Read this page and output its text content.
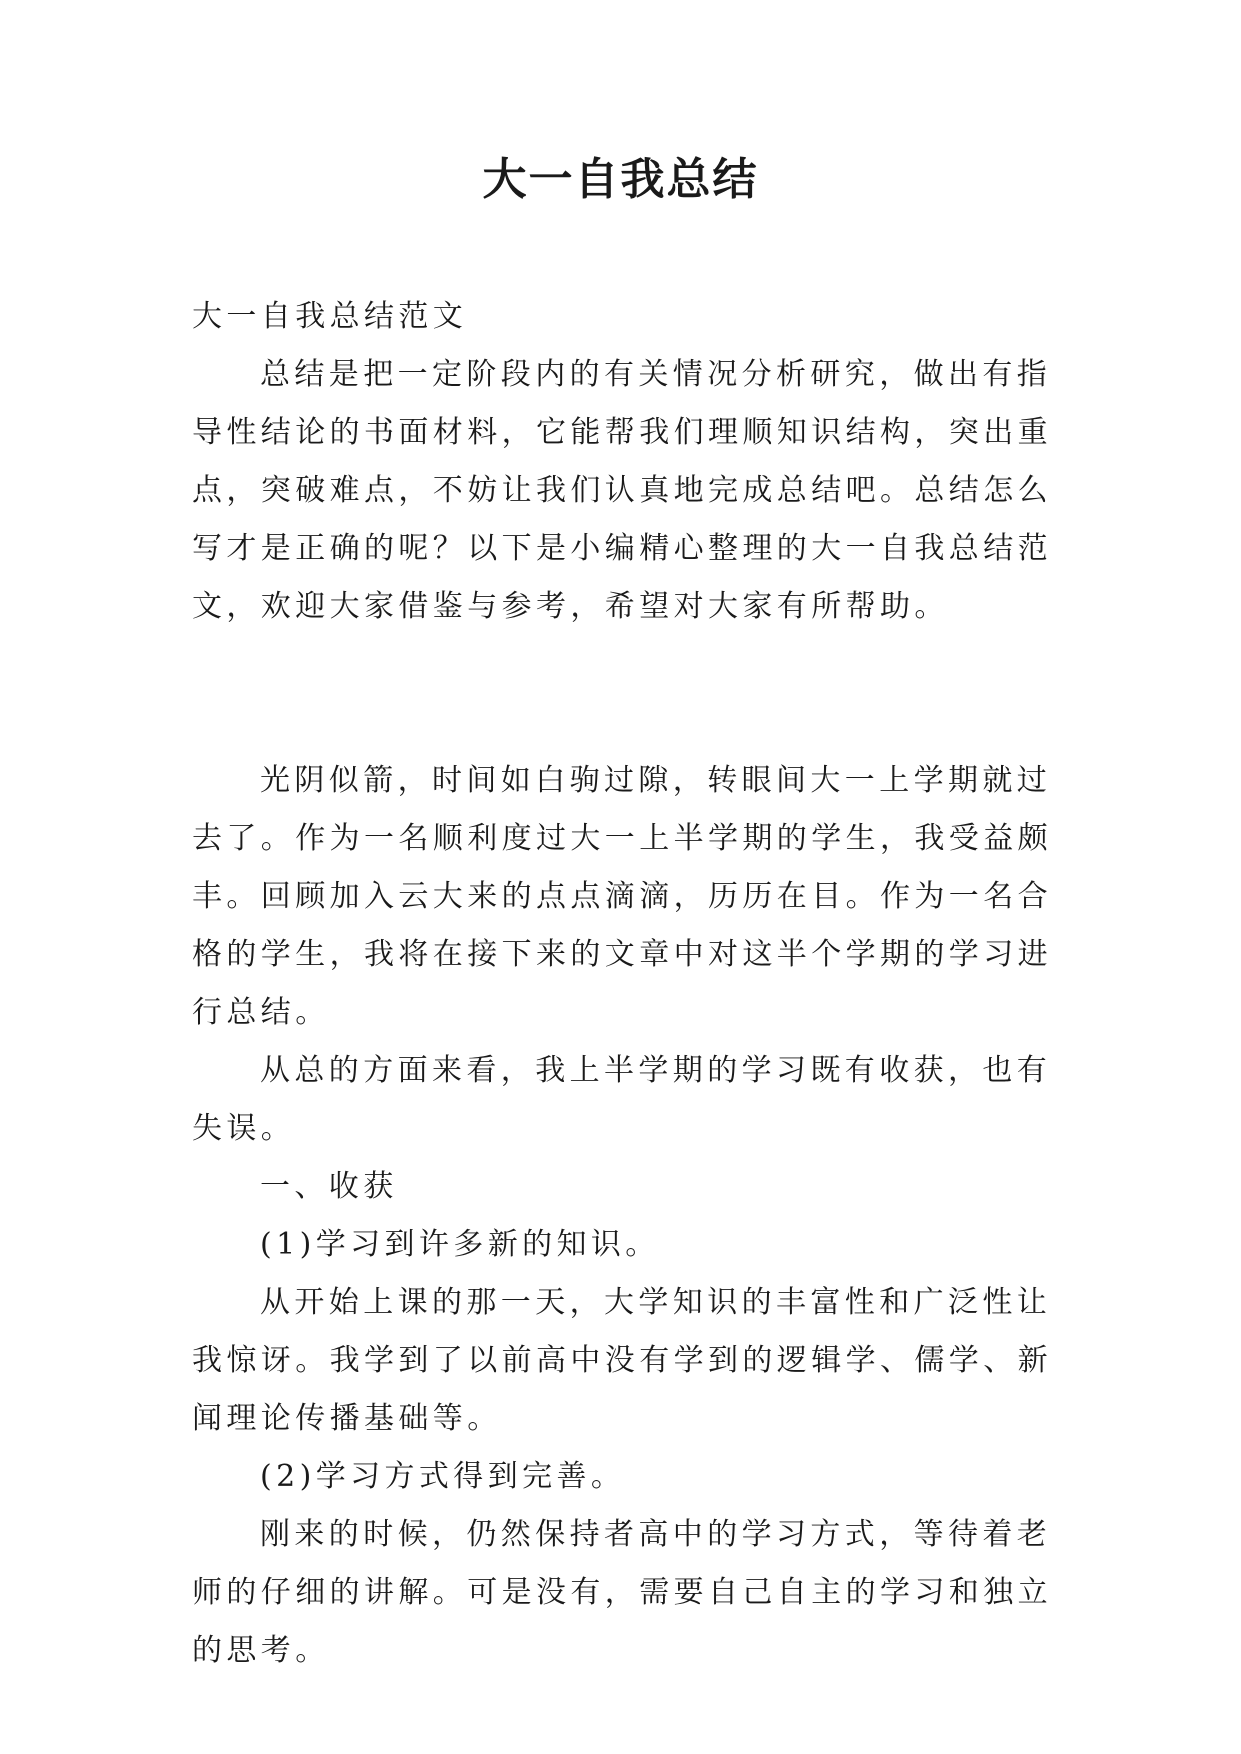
大一自我总结

大一自我总结范文

总结是把一定阶段内的有关情况分析研究，做出有指导性结论的书面材料，它能帮我们理顺知识结构，突出重点，突破难点，不妨让我们认真地完成总结吧。总结怎么写才是正确的呢？以下是小编精心整理的大一自我总结范文，欢迎大家借鉴与参考，希望对大家有所帮助。

光阴似箭，时间如白驹过隙，转眼间大一上学期就过去了。作为一名顺利度过大一上半学期的学生，我受益颇丰。回顾加入云大来的点点滴滴，历历在目。作为一名合格的学生，我将在接下来的文章中对这半个学期的学习进行总结。

从总的方面来看，我上半学期的学习既有收获，也有失误。

一、收获

(1)学习到许多新的知识。

从开始上课的那一天，大学知识的丰富性和广泛性让我惊讶。我学到了以前高中没有学到的逻辑学、儒学、新闻理论传播基础等。

(2)学习方式得到完善。

刚来的时候，仍然保持者高中的学习方式，等待着老师的仔细的讲解。可是没有，需要自己自主的学习和独立的思考。
